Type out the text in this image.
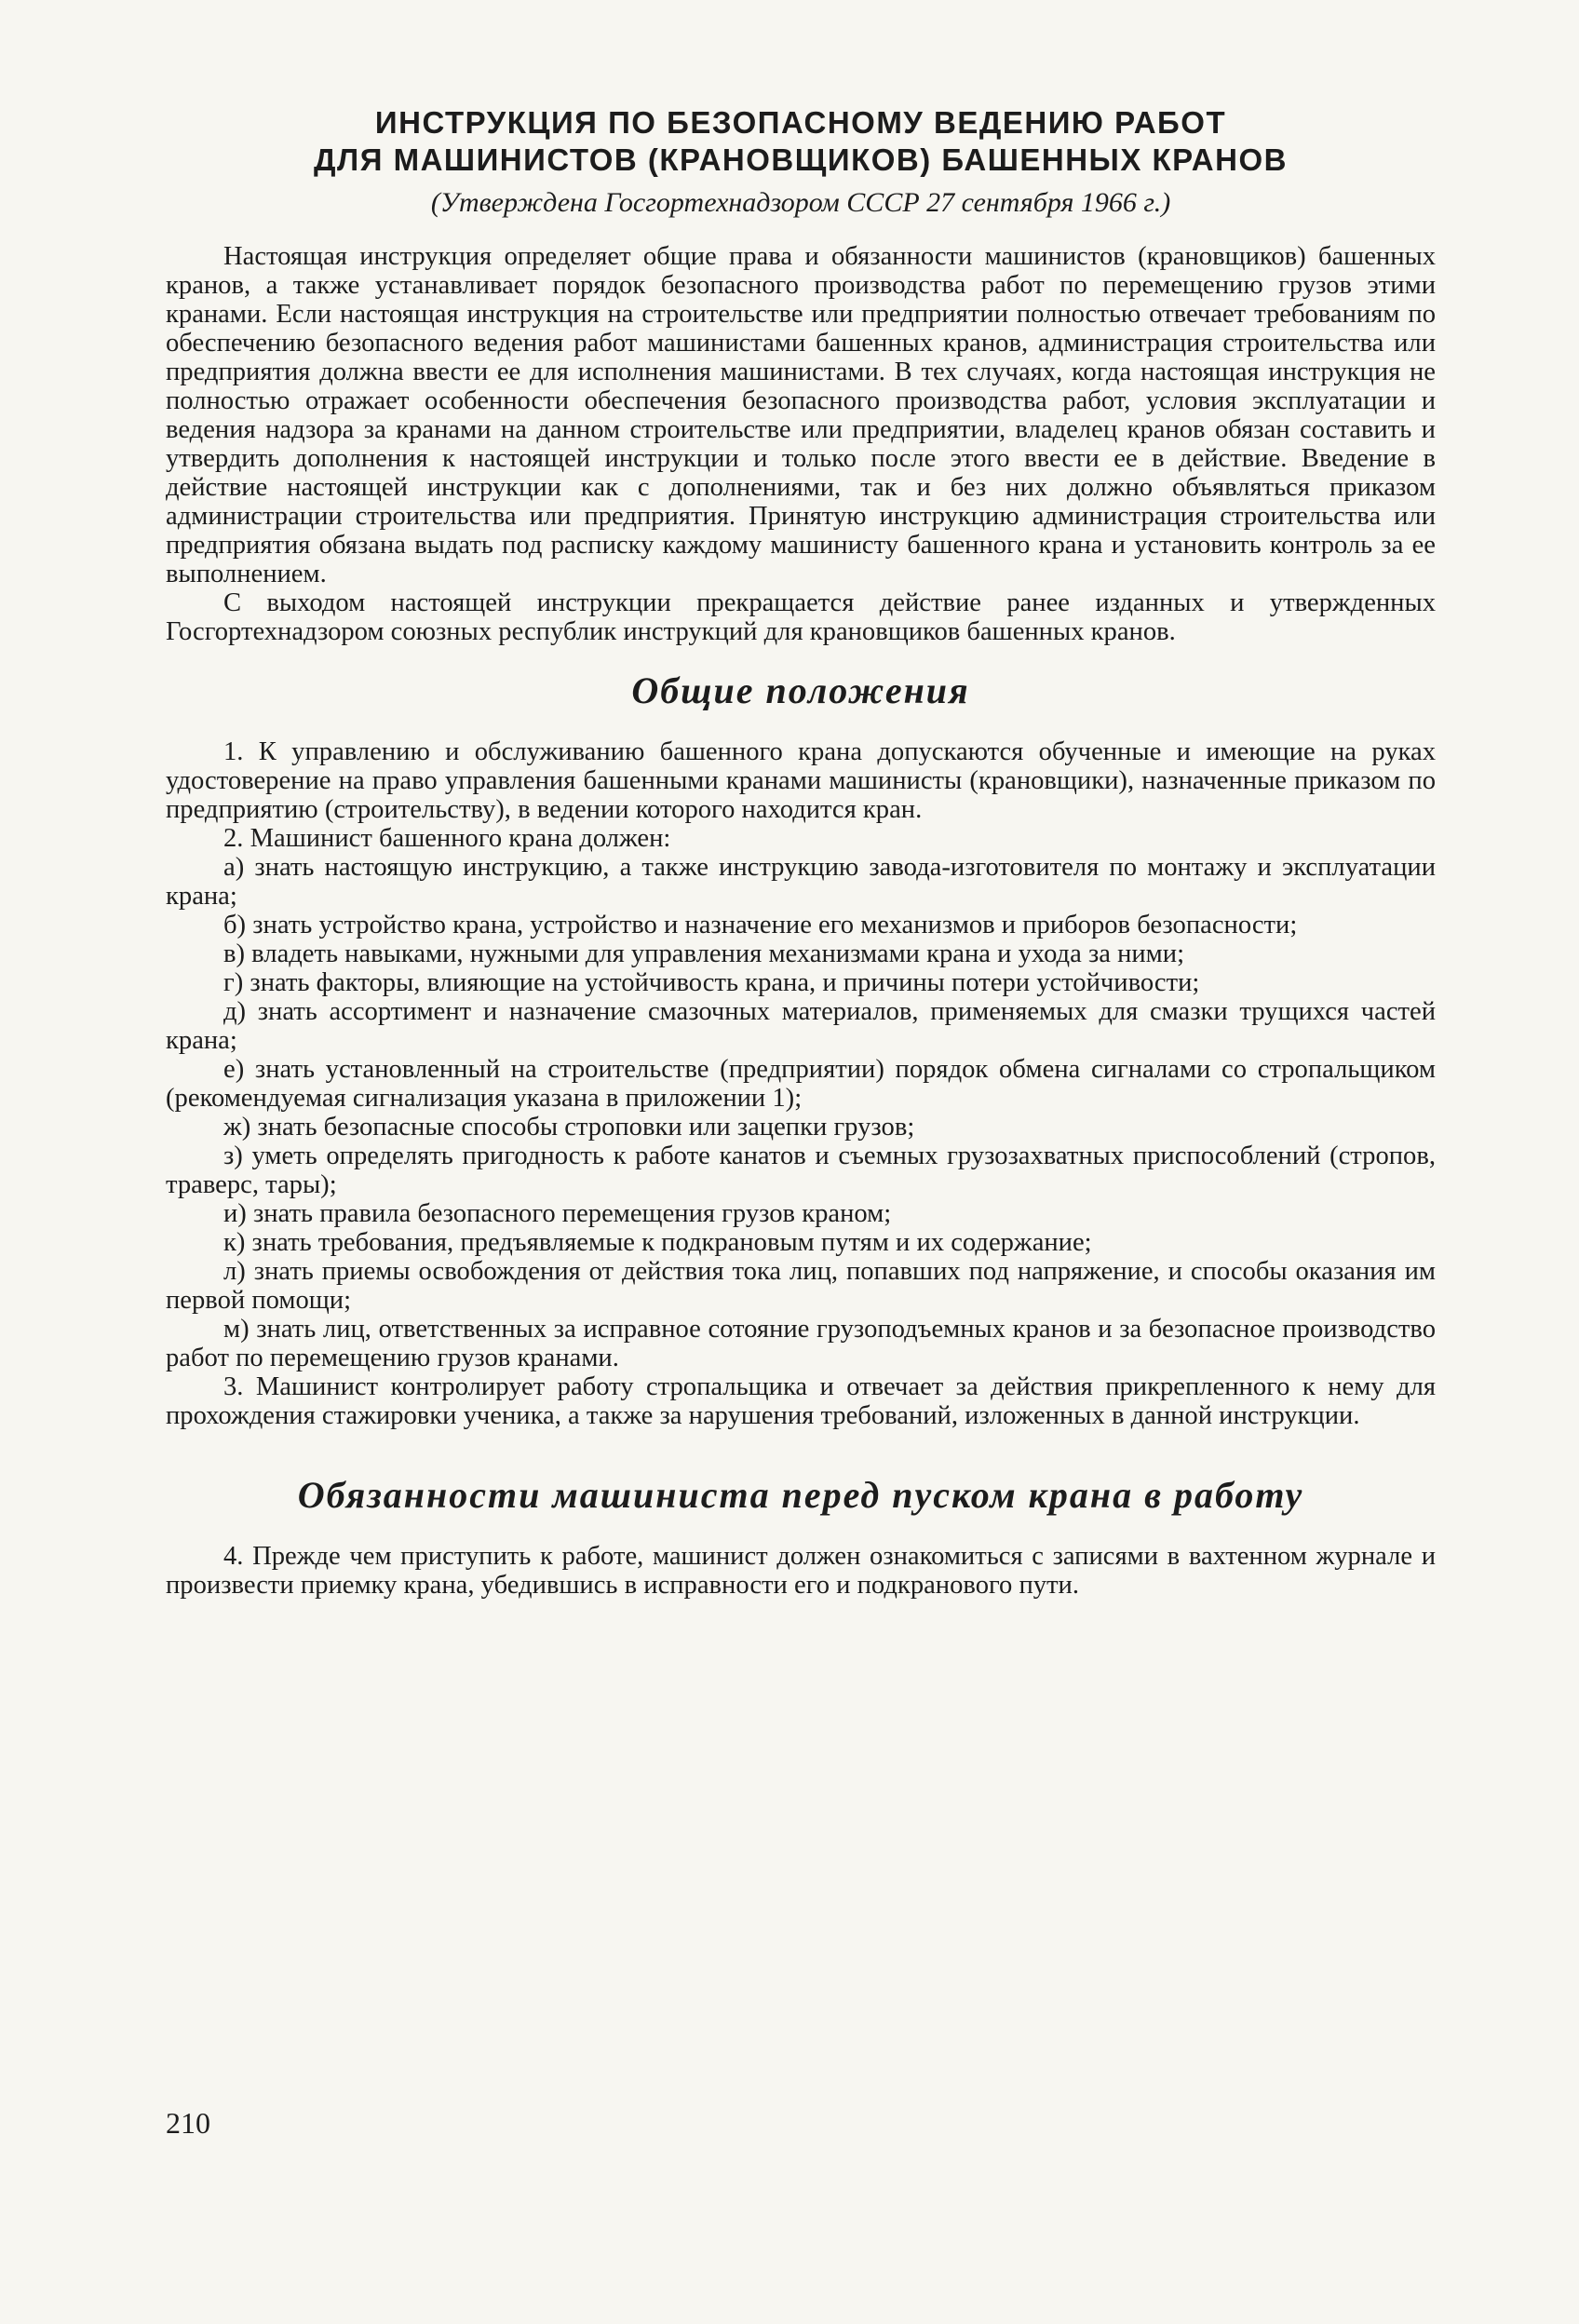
ИНСТРУКЦИЯ ПО БЕЗОПАСНОМУ ВЕДЕНИЮ РАБОТ
ДЛЯ МАШИНИСТОВ (КРАНОВЩИКОВ) БАШЕННЫХ КРАНОВ
(Утверждена Госгортехнадзором СССР 27 сентября 1966 г.)

Настоящая инструкция определяет общие права и обязанности машинистов (крановщиков) башенных кранов, а также устанавливает порядок безопасного производства работ по перемещению грузов этими кранами. Если настоящая инструкция на строительстве или предприятии полностью отвечает требованиям по обеспечению безопасного ведения работ машинистами башенных кранов, администрация строительства или предприятия должна ввести ее для исполнения машинистами. В тех случаях, когда настоящая инструкция не полностью отражает особенности обеспечения безопасного производства работ, условия эксплуатации и ведения надзора за кранами на данном строительстве или предприятии, владелец кранов обязан составить и утвердить дополнения к настоящей инструкции и только после этого ввести ее в действие. Введение в действие настоящей инструкции как с дополнениями, так и без них должно объявляться приказом администрации строительства или предприятия. Принятую инструкцию администрация строительства или предприятия обязана выдать под расписку каждому машинисту башенного крана и установить контроль за ее выполнением.

С выходом настоящей инструкции прекращается действие ранее изданных и утвержденных Госгортехнадзором союзных республик инструкций для крановщиков башенных кранов.

Общие положения

1. К управлению и обслуживанию башенного крана допускаются обученные и имеющие на руках удостоверение на право управления башенными кранами машинисты (крановщики), назначенные приказом по предприятию (строительству), в ведении которого находится кран.

2. Машинист башенного крана должен:

а) знать настоящую инструкцию, а также инструкцию завода-изготовителя по монтажу и эксплуатации крана;

б) знать устройство крана, устройство и назначение его механизмов и приборов безопасности;

в) владеть навыками, нужными для управления механизмами крана и ухода за ними;

г) знать факторы, влияющие на устойчивость крана, и причины потери устойчивости;

д) знать ассортимент и назначение смазочных материалов, применяемых для смазки трущихся частей крана;

е) знать установленный на строительстве (предприятии) порядок обмена сигналами со стропальщиком (рекомендуемая сигнализация указана в приложении 1);

ж) знать безопасные способы строповки или зацепки грузов;

з) уметь определять пригодность к работе канатов и съемных грузозахватных приспособлений (стропов, траверс, тары);

и) знать правила безопасного перемещения грузов краном;

к) знать требования, предъявляемые к подкрановым путям и их содержание;

л) знать приемы освобождения от действия тока лиц, попавших под напряжение, и способы оказания им первой помощи;

м) знать лиц, ответственных за исправное сотояние грузоподъемных кранов и за безопасное производство работ по перемещению грузов кранами.

3. Машинист контролирует работу стропальщика и отвечает за действия прикрепленного к нему для прохождения стажировки ученика, а также за нарушения требований, изложенных в данной инструкции.

Обязанности машиниста перед пуском крана в работу

4. Прежде чем приступить к работе, машинист должен ознакомиться с записями в вахтенном журнале и произвести приемку крана, убедившись в исправности его и подкранового пути.

210
